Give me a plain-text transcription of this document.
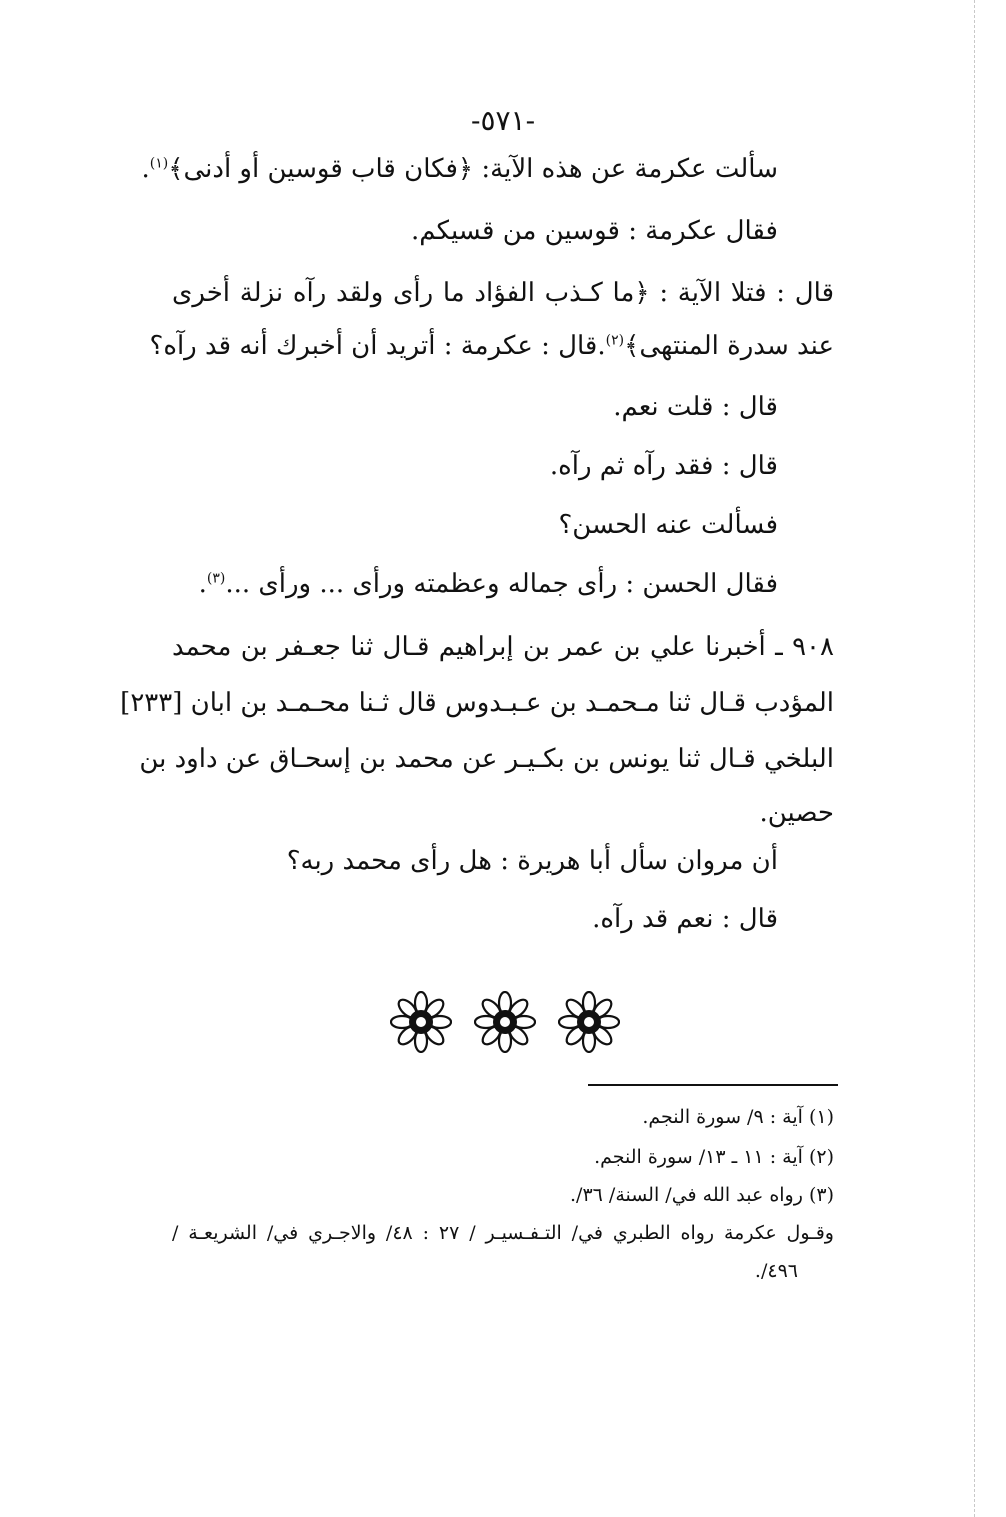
-٥٧١-
سألت عكرمة عن هذه الآية: ﴿فكان قاب قوسين أو أدنى﴾$^{(١)}$.
فقال عكرمة : قوسين من قسيكم.
قال : فتلا الآية : ﴿ما كـذب الفؤاد ما رأى ولقد رآه نزلة أخرى
عند سدرة المنتهى﴾$^{(٢)}$.قال : عكرمة : أتريد أن أخبرك أنه قد رآه؟
قال : قلت نعم.
قال : فقد رآه ثم رآه.
فسألت عنه الحسن؟
فقال الحسن : رأى جماله وعظمته ورأى ... ورأى ...$^{(٣)}$.
٩٠٨ ـ أخبرنا علي بن عمر بن إبراهيم قـال ثنا جعـفر بن محمد
المؤدب قـال ثنا مـحمـد بن عـبـدوس قال ثـنا محـمـد بن ابان [٢٣٣]
البلخي قـال ثنا يونس بن بكـيـر عن محمد بن إسحـاق عن داود بن
حصين.
أن مروان سأل أبا هريرة : هل رأى محمد ربه؟
قال : نعم قد رآه.
(١) آية : ٩/ سورة النجم.
(٢) آية : ١١ ـ ١٣/ سورة النجم.
(٣) رواه عبد الله في/ السنة/ ٣٦/.
وقـول عكرمة رواه الطبري في/ التـفـسيـر / ٢٧ : ٤٨/ والاجـري في/ الشريعـة /
٤٩٦/.
